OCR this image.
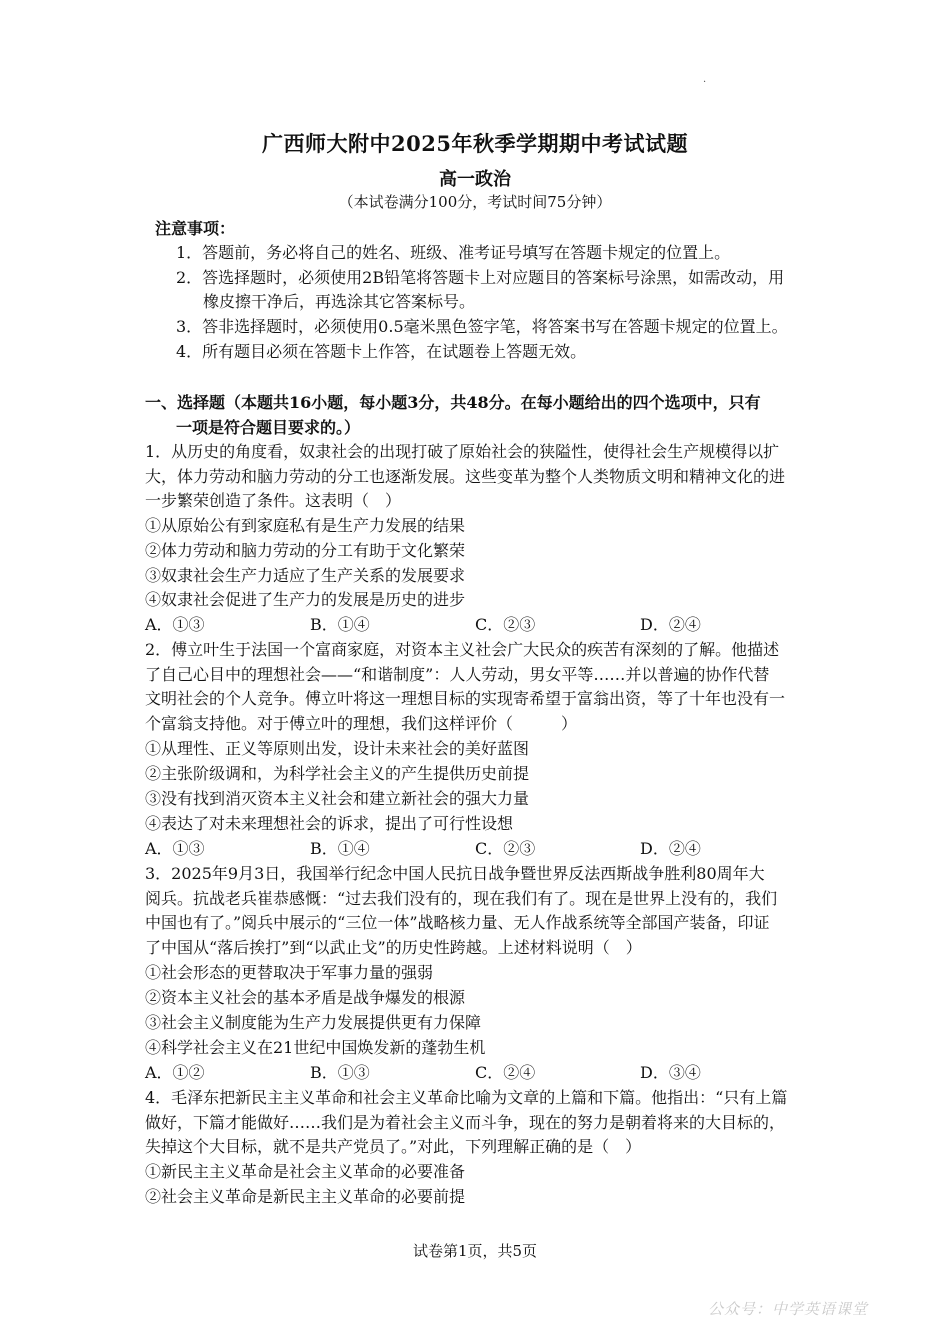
·
广西师大附中2025年秋季学期期中考试试题
高一政治
（本试卷满分100分，考试时间75分钟）
注意事项：
1．答题前，务必将自己的姓名、班级、准考证号填写在答题卡规定的位置上。
2．答选择题时，必须使用2B铅笔将答题卡上对应题目的答案标号涂黑，如需改动，用
橡皮擦干净后，再选涂其它答案标号。
3．答非选择题时，必须使用0.5毫米黑色签字笔，将答案书写在答题卡规定的位置上。
4．所有题目必须在答题卡上作答，在试题卷上答题无效。
一、选择题（本题共16小题，每小题3分，共48分。在每小题给出的四个选项中，只有
一项是符合题目要求的。）
1．从历史的角度看，奴隶社会的出现打破了原始社会的狭隘性，使得社会生产规模得以扩
大，体力劳动和脑力劳动的分工也逐渐发展。这些变革为整个人类物质文明和精神文化的进
一步繁荣创造了条件。这表明（　）
①从原始公有到家庭私有是生产力发展的结果
②体力劳动和脑力劳动的分工有助于文化繁荣
③奴隶社会生产力适应了生产关系的发展要求
④奴隶社会促进了生产力的发展是历史的进步
A．①③	B．①④	C．②③	D．②④
2．傅立叶生于法国一个富商家庭，对资本主义社会广大民众的疾苦有深刻的了解。他描述
了自己心目中的理想社会——“和谐制度”：人人劳动，男女平等……并以普遍的协作代替
文明社会的个人竞争。傅立叶将这一理想目标的实现寄希望于富翁出资，等了十年也没有一
个富翁支持他。对于傅立叶的理想，我们这样评价（　　　）
①从理性、正义等原则出发，设计未来社会的美好蓝图
②主张阶级调和，为科学社会主义的产生提供历史前提
③没有找到消灭资本主义社会和建立新社会的强大力量
④表达了对未来理想社会的诉求，提出了可行性设想
A．①③	B．①④	C．②③	D．②④
3．2025年9月3日，我国举行纪念中国人民抗日战争暨世界反法西斯战争胜利80周年大
阅兵。抗战老兵崔恭感慨：“过去我们没有的，现在我们有了。现在是世界上没有的，我们
中国也有了。”阅兵中展示的“三位一体”战略核力量、无人作战系统等全部国产装备，印证
了中国从“落后挨打”到“以武止戈”的历史性跨越。上述材料说明（　）
①社会形态的更替取决于军事力量的强弱
②资本主义社会的基本矛盾是战争爆发的根源
③社会主义制度能为生产力发展提供更有力保障
④科学社会主义在21世纪中国焕发新的蓬勃生机
A．①②	B．①③	C．②④	D．③④
4．毛泽东把新民主主义革命和社会主义革命比喻为文章的上篇和下篇。他指出：“只有上篇
做好，下篇才能做好……我们是为着社会主义而斗争，现在的努力是朝着将来的大目标的，
失掉这个大目标，就不是共产党员了。”对此，下列理解正确的是（　）
①新民主主义革命是社会主义革命的必要准备
②社会主义革命是新民主主义革命的必要前提
试卷第1页，共5页
公众号：中学英语课堂
